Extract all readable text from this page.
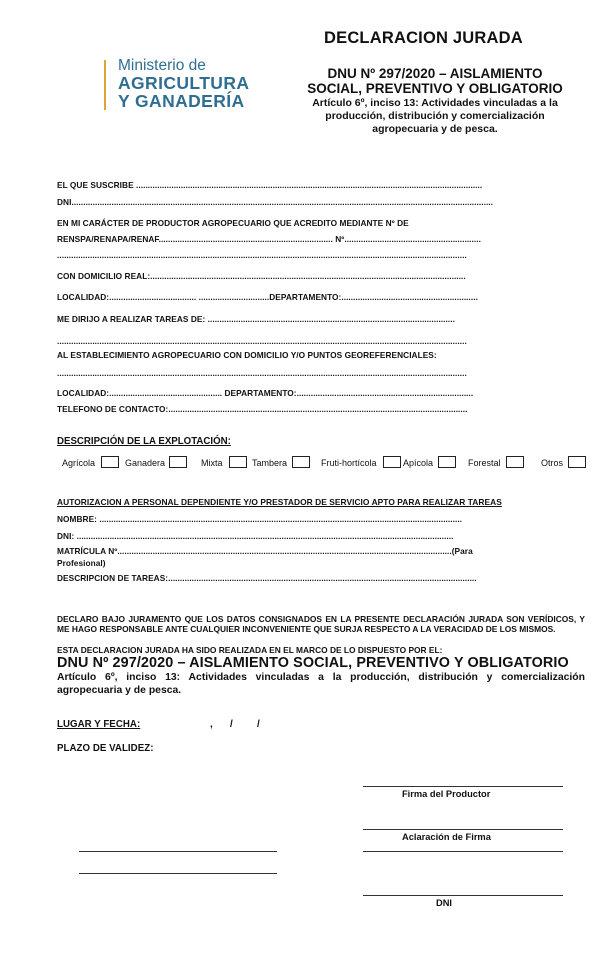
DECLARACION JURADA
DNU Nº 297/2020 – AISLAMIENTO
SOCIAL, PREVENTIVO Y OBLIGATORIO
Artículo 6º, inciso 13: Actividades vinculadas a la
producción, distribución y comercialización
agropecuaria y de pesca.
Ministerio de
AGRICULTURA
Y GANADERÍA
EL QUE SUSCRIBE ...................................................................................................................................................
DNI...................................................................................................................................................................................
EN MI CARÁCTER DE PRODUCTOR AGROPECUARIO QUE ACREDITO MEDIANTE Nº DE
RENSPA/RENAPA/RENAF.......................................................................... Nº..........................................................
..............................................................................................................................................................................
CON DOMICILIO REAL:......................................................................................................................................
LOCALIDAD:..................................... ..............................DEPARTAMENTO:..........................................................
ME DIRIJO A REALIZAR TAREAS DE: .........................................................................................................
..............................................................................................................................................................................
AL ESTABLECIMIENTO AGROPECUARIO CON DOMICILIO Y/O PUNTOS GEOREFERENCIALES:
..............................................................................................................................................................................
LOCALIDAD:................................................ DEPARTAMENTO:...........................................................................
TELEFONO DE CONTACTO:...............................................................................................................................
DESCRIPCIÓN DE LA EXPLOTACIÓN:
Agrícola	Ganadera	Mixta	Tambera	Fruti-hortícola	Apícola	Forestal	Otros
AUTORIZACION A PERSONAL DEPENDIENTE Y/O PRESTADOR DE SERVICIO APTO PARA REALIZAR TAREAS
NOMBRE: ..........................................................................................................................................................
DNI: ................................................................................................................................................................
MATRÍCULA Nº..............................................................................................................................................(Para
Profesional)
DESCRIPCION DE TAREAS:...................................................................................................................................
DECLARO BAJO JURAMENTO QUE LOS DATOS CONSIGNADOS EN LA PRESENTE DECLARACIÓN JURADA SON VERÍDICOS, Y ME HAGO RESPONSABLE ANTE CUALQUIER INCONVENIENTE QUE SURJA RESPECTO A LA VERACIDAD DE LOS MISMOS.
ESTA DECLARACION JURADA HA SIDO REALIZADA EN EL MARCO DE LO DISPUESTO POR EL:
DNU Nº 297/2020 – AISLAMIENTO SOCIAL, PREVENTIVO Y OBLIGATORIO
Artículo 6º, inciso 13: Actividades vinculadas a la producción, distribución y comercialización agropecuaria y de pesca.
LUGAR Y FECHA:	, / /
PLAZO DE VALIDEZ:
Firma del Productor
Aclaración de Firma
DNI
